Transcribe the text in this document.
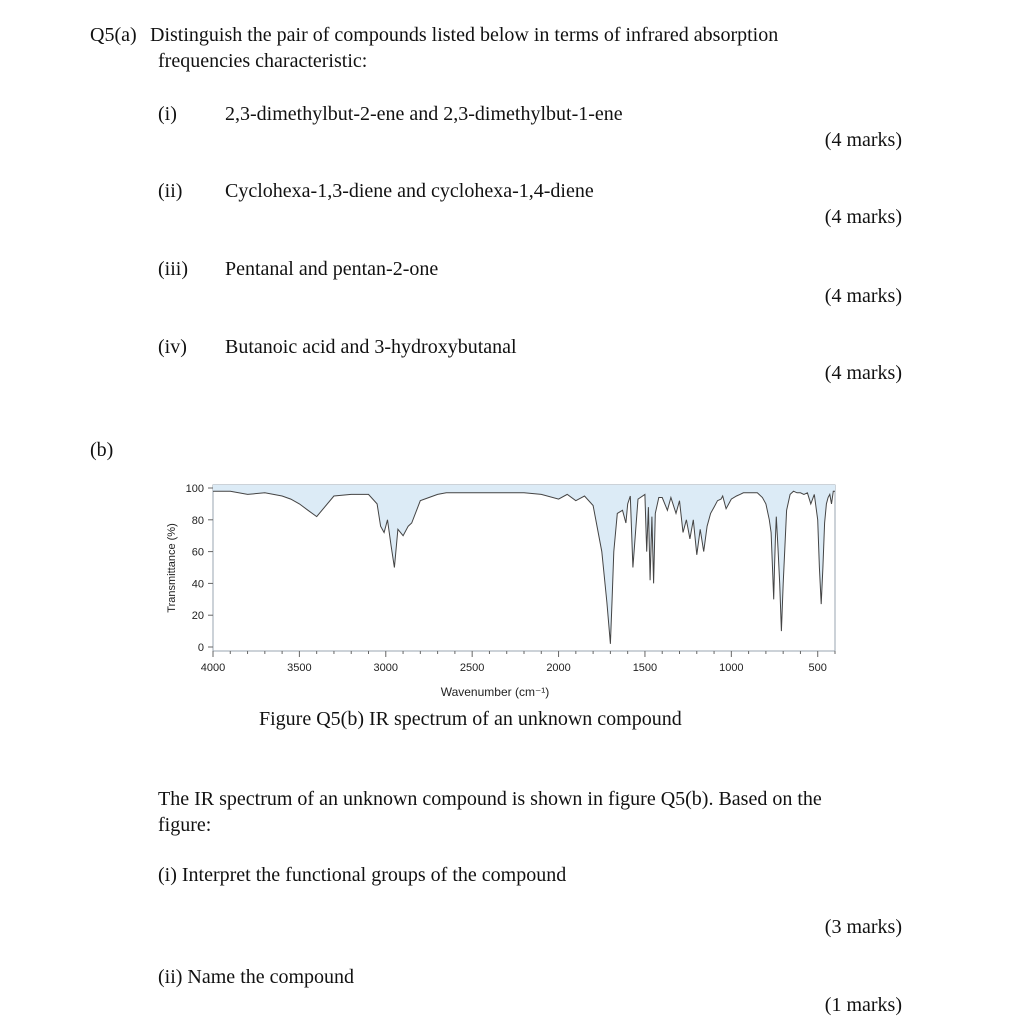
Q5(a) Distinguish the pair of compounds listed below in terms of infrared absorption
frequencies characteristic:
(i) 2,3-dimethylbut-2-ene and 2,3-dimethylbut-1-ene
(4 marks)
(ii) Cyclohexa-1,3-diene and cyclohexa-1,4-diene
(4 marks)
(iii) Pentanal and pentan-2-one
(4 marks)
(iv) Butanoic acid and 3-hydroxybutanal
(4 marks)
(b)
4000	3500	3000	2500	2000	1500	1000	500
0
20
40
60
80
100
Wavenumber (cm⁻¹)
Transmittance (%)
Figure Q5(b) IR spectrum of an unknown compound
The IR spectrum of an unknown compound is shown in figure Q5(b). Based on the
figure:
(i) Interpret the functional groups of the compound
(3 marks)
(ii) Name the compound
(1 marks)
